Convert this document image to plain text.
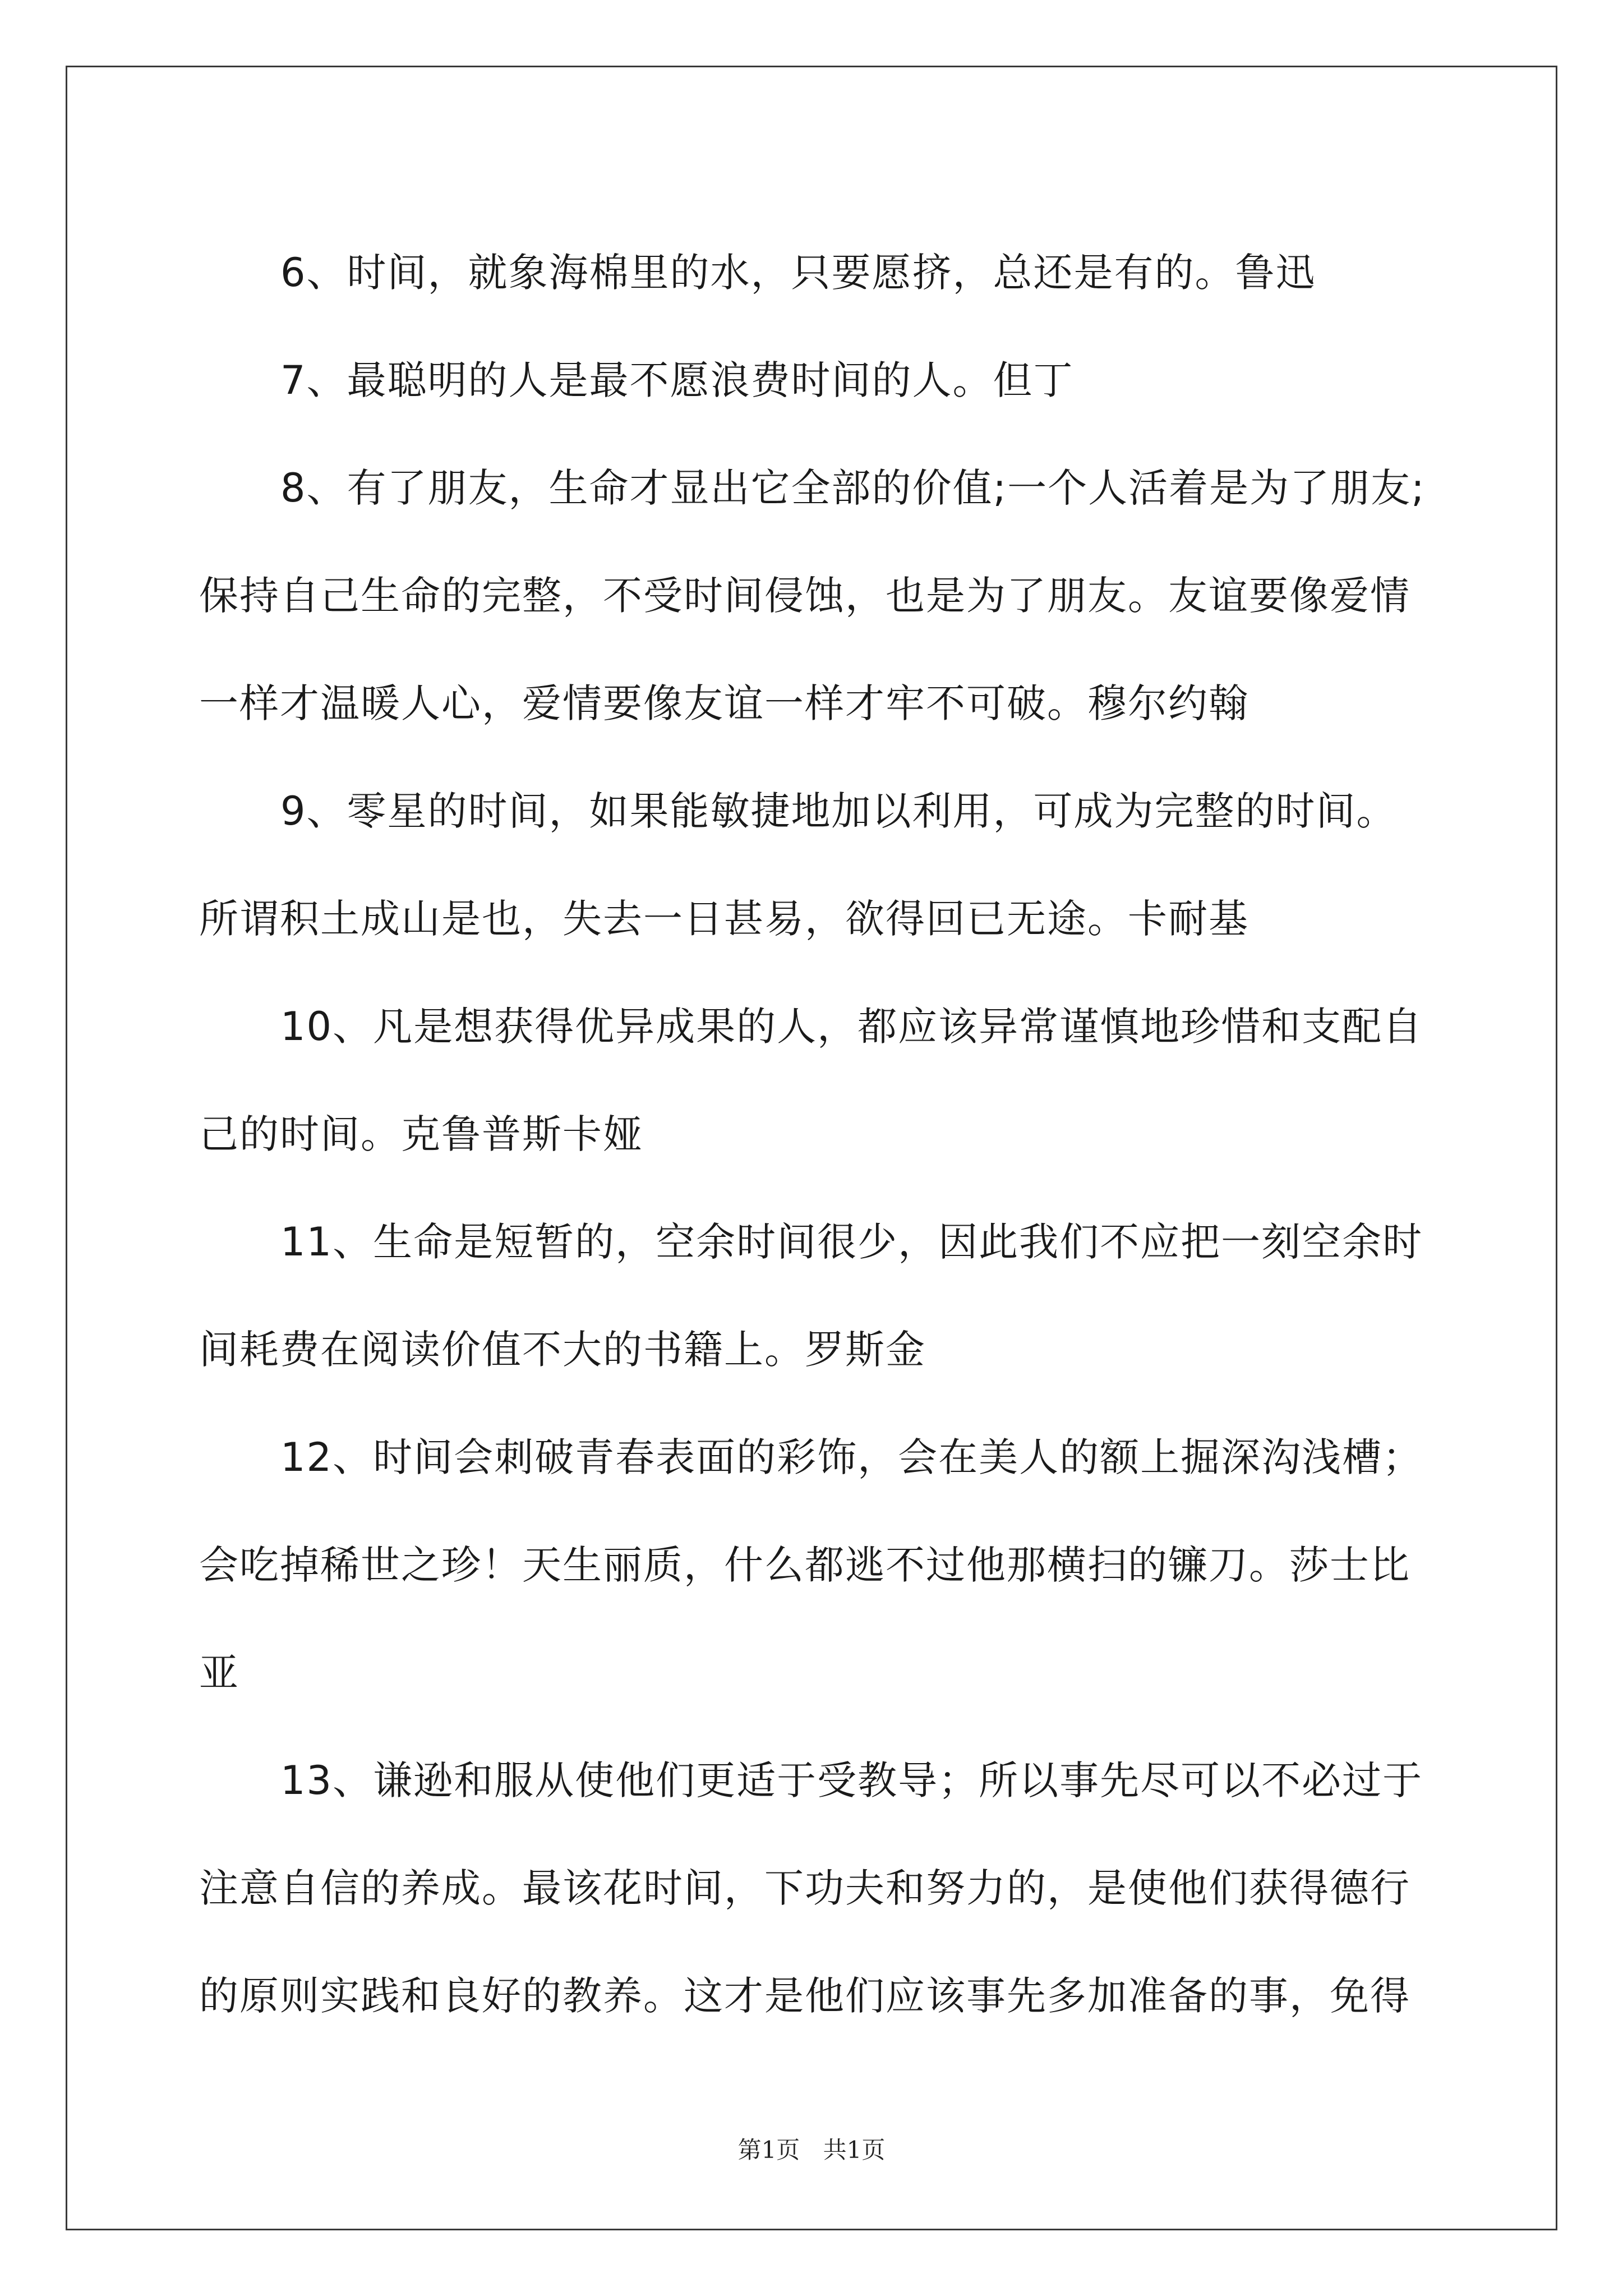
6、时间，就象海棉里的水，只要愿挤，总还是有的。鲁迅

7、最聪明的人是最不愿浪费时间的人。但丁

8、有了朋友，生命才显出它全部的价值;一个人活着是为了朋友;保持自己生命的完整，不受时间侵蚀，也是为了朋友。友谊要像爱情一样才温暖人心，爱情要像友谊一样才牢不可破。穆尔约翰

9、零星的时间，如果能敏捷地加以利用，可成为完整的时间。所谓积土成山是也，失去一日甚易，欲得回已无途。卡耐基

10、凡是想获得优异成果的人，都应该异常谨慎地珍惜和支配自己的时间。克鲁普斯卡娅

11、生命是短暂的，空余时间很少，因此我们不应把一刻空余时间耗费在阅读价值不大的书籍上。罗斯金

12、时间会刺破青春表面的彩饰，会在美人的额上掘深沟浅槽；会吃掉稀世之珍！天生丽质，什么都逃不过他那横扫的镰刀。莎士比亚

13、谦逊和服从使他们更适于受教导；所以事先尽可以不必过于注意自信的养成。最该花时间，下功夫和努力的，是使他们获得德行的原则实践和良好的教养。这才是他们应该事先多加准备的事，免得

第1页 共1页
